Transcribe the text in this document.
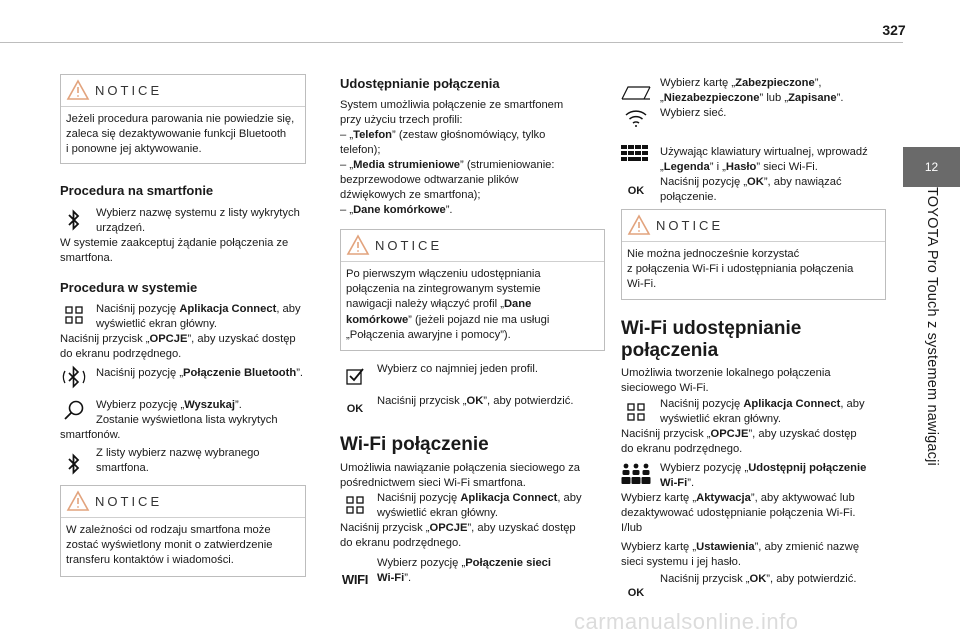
327
12
TOYOTA Pro Touch z systemem nawigacji
NOTICE
Jeżeli procedura parowania nie powiedzie się,
zaleca się dezaktywowanie funkcji Bluetooth
i ponowne jej aktywowanie.
Procedura na smartfonie
Wybierz nazwę systemu z listy wykrytych
urządzeń.
W systemie zaakceptuj żądanie połączenia ze
smartfona.
Procedura w systemie
Naciśnij pozycję Aplikacja Connect, aby
wyświetlić ekran główny.
Naciśnij przycisk „OPCJE”, aby uzyskać dostęp
do ekranu podrzędnego.
Naciśnij pozycję „Połączenie Bluetooth”.
Wybierz pozycję „Wyszukaj”.
Zostanie wyświetlona lista wykrytych
smartfonów.
Z listy wybierz nazwę wybranego
smartfona.
NOTICE
W zależności od rodzaju smartfona może
zostać wyświetlony monit o zatwierdzenie
transferu kontaktów i wiadomości.
Udostępnianie połączenia
System umożliwia połączenie ze smartfonem
przy użyciu trzech profili:
– „Telefon” (zestaw głośnomówiący, tylko
telefon);
– „Media strumieniowe” (strumieniowanie:
bezprzewodowe odtwarzanie plików
dźwiękowych ze smartfona);
– „Dane komórkowe”.
NOTICE
Po pierwszym włączeniu udostępniania
połączenia na zintegrowanym systemie
nawigacji należy włączyć profil „Dane
komórkowe” (jeżeli pojazd nie ma usługi
„Połączenia awaryjne i pomocy”).
Wybierz co najmniej jeden profil.
OK
Naciśnij przycisk „OK”, aby potwierdzić.
Wi-Fi połączenie
Umożliwia nawiązanie połączenia sieciowego za
pośrednictwem sieci Wi-Fi smartfona.
Naciśnij pozycję Aplikacja Connect, aby
wyświetlić ekran główny.
Naciśnij przycisk „OPCJE”, aby uzyskać dostęp
do ekranu podrzędnego.
WIFI
Wybierz pozycję „Połączenie sieci
Wi-Fi”.
Wybierz kartę „Zabezpieczone”,
„Niezabezpieczone” lub „Zapisane”.
Wybierz sieć.
Używając klawiatury wirtualnej, wprowadź
„Legenda” i „Hasło” sieci Wi-Fi.
Naciśnij pozycję „OK”, aby nawiązać
połączenie.
OK
NOTICE
Nie można jednocześnie korzystać
z połączenia Wi-Fi i udostępniania połączenia
Wi-Fi.
Wi-Fi udostępnianie
połączenia
Umożliwia tworzenie lokalnego połączenia
sieciowego Wi-Fi.
Naciśnij pozycję Aplikacja Connect, aby
wyświetlić ekran główny.
Naciśnij przycisk „OPCJE”, aby uzyskać dostęp
do ekranu podrzędnego.
Wybierz pozycję „Udostępnij połączenie
Wi-Fi”.
Wybierz kartę „Aktywacja”, aby aktywować lub
dezaktywować udostępnianie połączenia Wi-Fi.
I/lub
Wybierz kartę „Ustawienia”, aby zmienić nazwę
sieci systemu i jej hasło.
Naciśnij przycisk „OK”, aby potwierdzić.
OK
carmanualsonline.info
